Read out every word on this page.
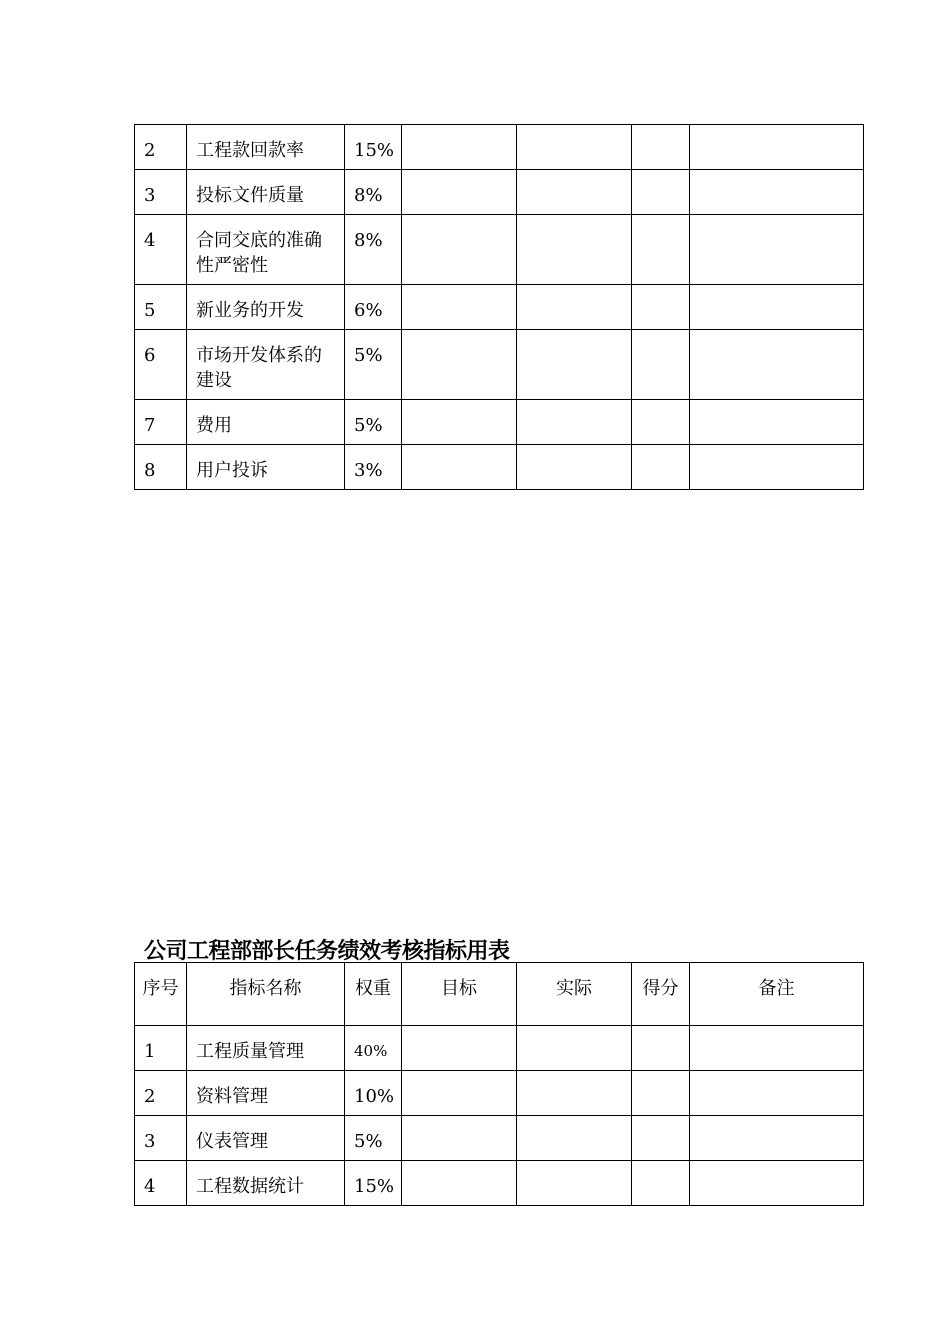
2	工程款回款率	15%				
3	投标文件质量	8%				
4	合同交底的准确性严密性	8%				
5	新业务的开发	6%				
6	市场开发体系的建设	5%				
7	费用	5%				
8	用户投诉	3%				
公司工程部部长任务绩效考核指标用表
序号	指标名称	权重	目标	实际	得分	备注
1	工程质量管理	40%				
2	资料管理	10%				
3	仪表管理	5%				
4	工程数据统计	15%				
